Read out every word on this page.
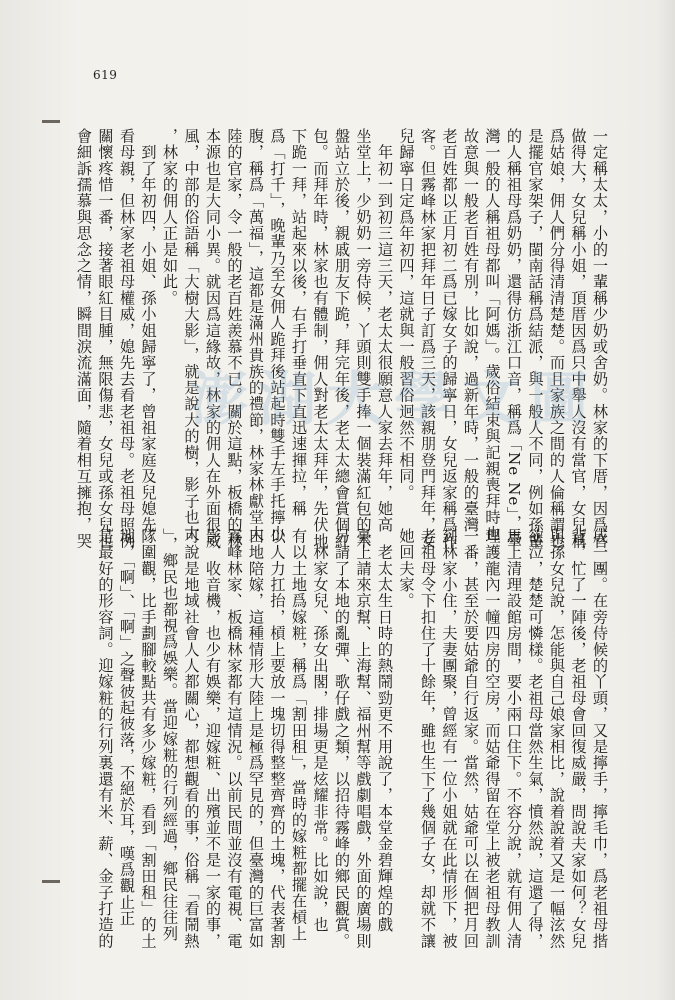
619

一定稱太太，小的一輩稱少奶或舍奶。林家的下厝，因爲官

做得大，女兒稱小姐，頂厝因爲只中舉人沒有當官，女兒稱

爲姑娘，佣人們分得清清楚楚。而且家族之間的人倫稱謂也

是擺官家架子，閩南話稱爲結派，與一般人不同，例如孫輩

的人稱祖母爲奶奶，還得仿浙江口音，稱爲「Ne Ne」，臺

灣一般的人稱祖母都叫「阿媽」。歲俗結束與記親喪拜時也

故意與一般老百姓有別，比如說，過新年時，一般的臺灣

老百姓都以正月初二爲已嫁女子的歸寧日，女兒返家稱爲作

客。但霧峰林家把拜年日子訂爲三天，該親朋登門拜年，女

兒歸寧日定爲年初四，這就與一般習俗迥然不相同。

　年初一到初三這三天，老太太很願意人家去拜年，她高

坐堂上，少奶奶一旁侍候，丫頭則雙手捧一個裝滿紅包的木

盤站立於後，親戚朋友下跪，拜完年後，老太太總會賞個紅

包。而拜年時，林家也有體制，佣人對老太太拜年，先伏地

下跪一拜，站起來以後，右手打垂直下直迅速揮拉，稱

爲「打千」，晚輩乃至女佣人跪拜後站起時雙手左手托擰小

腹，稱爲「萬福」，這都是滿州貴族的禮節，林家林獻堂大

陸的官家，令一般的老百姓羨慕不已。關於這點，板橋的林

本源也是大同小異。就因爲這緣故，林家的佣人在外面很威

風，中部的俗語稱「大樹大影」，就是說大的樹，影子也大

，林家的佣人正是如此。

　到了年初四，小姐、孫小姐歸寧了，曾祖家庭及兒媳先

看母親，但林家老祖母權威，媳先去看老祖母。老祖母照例

關懷疼惜一番，接著眼紅目腫，無限傷悲，女兒或孫女兒也

會細訴孺慕與思念之情，瞬間淚流滿面，隨着相互擁抱，哭

成一團。在旁侍候的丫頭，又是擰手，擰毛巾，爲老祖母揩

背，忙了一陣後，老祖母會回復威嚴，問說夫家如何？女兒

與孫女兒說，怎能與自己娘家相比，說着說着又是一幅泫然

欲泣，楚楚可憐樣。老祖母當然生氣，憤然說，這還了得，

馬上清理設館房間，要小兩口住下。不容分說，就有佣人清

理護龍內一幢四房的空房，而姑爺得留在堂上被老祖母教訓

一番，甚至於要姑爺自行返家。當然，姑爺可以在個把月回

到林家小住，夫妻團聚，曾經有一位小姐就在此情形下，被

老祖母令下扣住了十餘年，雖也生下了幾個子女，却就不讓

她回夫家。

　老太太生日時的熱鬧勁更不用說了，本堂金碧輝煌的戲

臺上請來京幫、上海幫、福州幫等戲劇唱戲，外面的廣場則

另請了本地的亂彈、歌仔戲之類，以招待霧峰的鄉民觀賞。

　林家女兒、孫女出閣，排場更是炫耀非常。比如說，也

有以土地爲嫁粧，稱爲「割田租」，當時的嫁粧都擺在槓上

以人力扛抬，槓上要放一塊切得整整齊齊的土塊，代表著割

田地陪嫁，這種情形大陸上是極爲罕見的，但臺灣的巨富如

霧峰林家、板橋林家都有這情況。以前民間並沒有電視、電

影、收音機，也少有娛樂，迎嫁粧、出殯並不是一家的事，

可說是地域社會人人都關心，都想觀看的事，俗稱「看鬧熱

」，鄉民也都視爲娛樂。當迎嫁粧的行列經過，鄉民往往列

隊圍觀，比手劃腳較點共有多少嫁粧，看到「割田租」的土

地，「啊」、「啊」之聲彼起彼落，不絕於耳，嘆爲觀止正

是最好的形容詞。迎嫁粧的行列裏還有米、薪、金子打造的

澎湖大學文圖
